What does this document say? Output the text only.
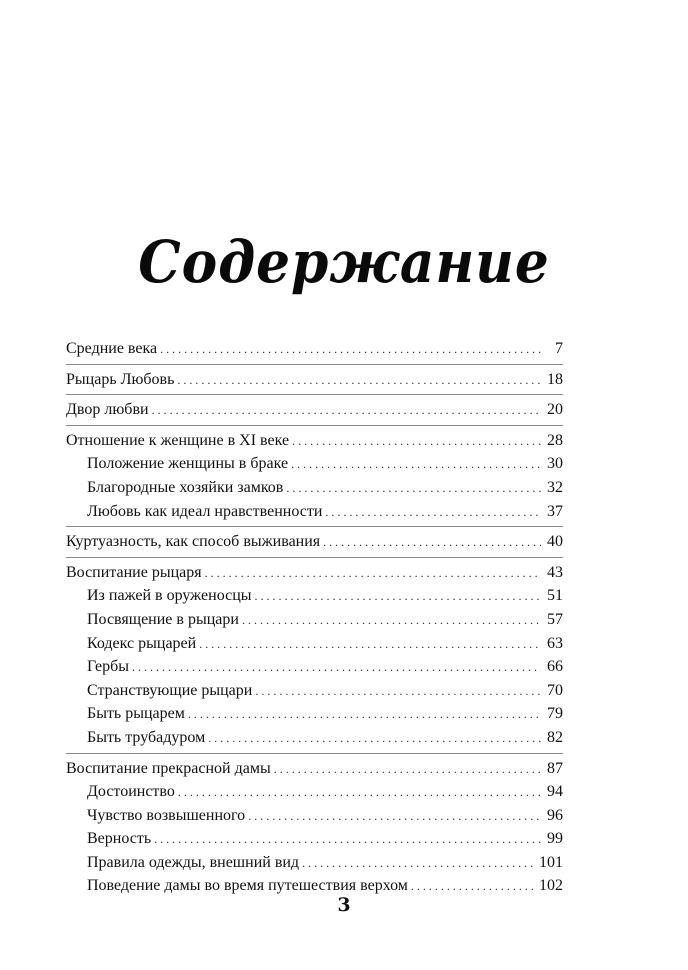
Содержание
Средние века . . .	7
Рыцарь Любовь . . .	18
Двор любви . . .	20
Отношение к женщине в XI веке . . .	28
Положение женщины в браке . . .	30
Благородные хозяйки замков . . .	32
Любовь как идеал нравственности . . .	37
Куртуазность, как способ выживания . . .	40
Воспитание рыцаря . . .	43
Из пажей в оруженосцы . . .	51
Посвящение в рыцари . . .	57
Кодекс рыцарей . . .	63
Гербы . . .	66
Странствующие рыцари . . .	70
Быть рыцарем . . .	79
Быть трубадуром . . .	82
Воспитание прекрасной дамы . . .	87
Достоинство . . .	94
Чувство возвышенного . . .	96
Верность . . .	99
Правила одежды, внешний вид . . .	101
Поведение дамы во время путешествия верхом . . .	102
3
